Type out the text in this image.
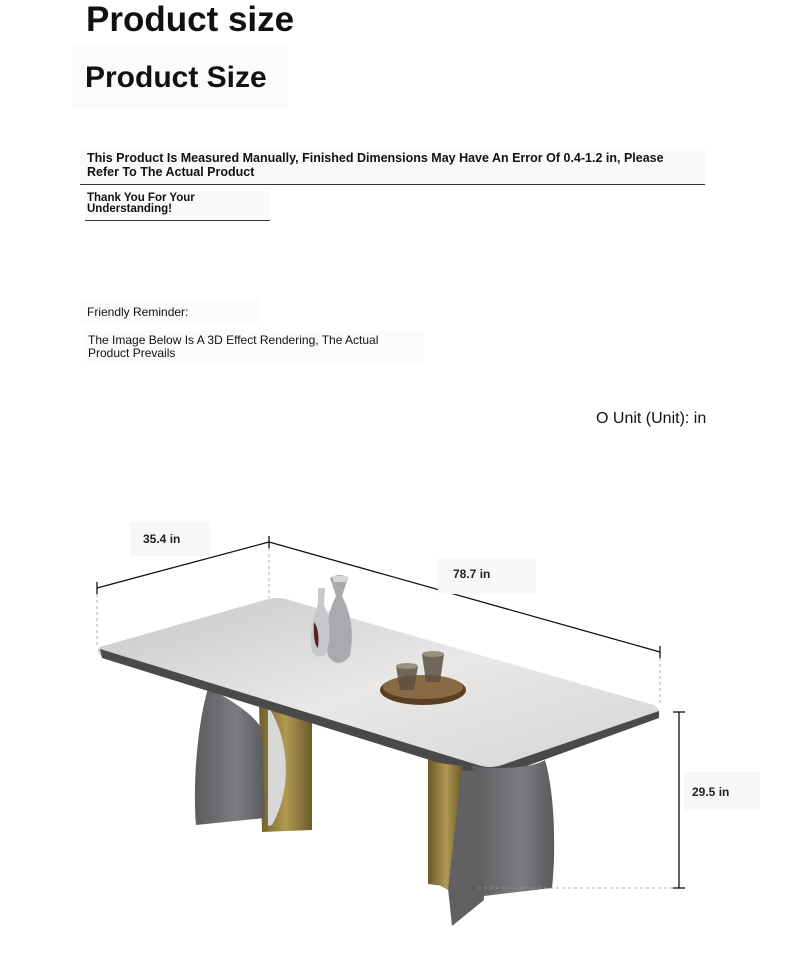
Product size
Product Size
This Product Is Measured Manually, Finished Dimensions May Have An Error Of 0.4-1.2 in, Please Refer To The Actual Product
Thank You For Your Understanding!
Friendly Reminder:
The Image Below Is A 3D Effect Rendering, The Actual Product Prevails
O Unit (Unit): in
35.4 in
78.7 in
29.5 in
